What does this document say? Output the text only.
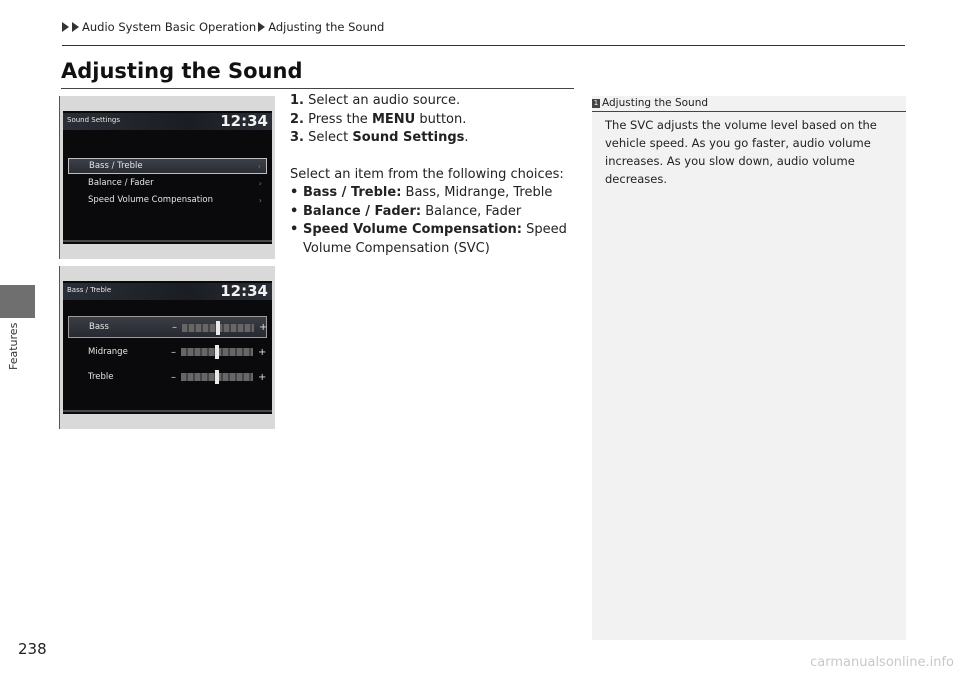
Audio System Basic Operation Adjusting the Sound
Features
Adjusting the Sound
Sound Settings	12:34
Bass / Treble	›
Balance / Fader	›
Speed Volume Compensation	›
Bass / Treble	12:34
Bass	–	+
Midrange	–	+
Treble	–	+
1. Select an audio source.
2. Press the MENU button.
3. Select Sound Settings.
Select an item from the following choices:
• Bass / Treble: Bass, Midrange, Treble
• Balance / Fader: Balance, Fader
• Speed Volume Compensation: Speed
Volume Compensation (SVC)
1 Adjusting the Sound
The SVC adjusts the volume level based on the vehicle speed. As you go faster, audio volume increases. As you slow down, audio volume decreases.
238
carmanualsonline.info
